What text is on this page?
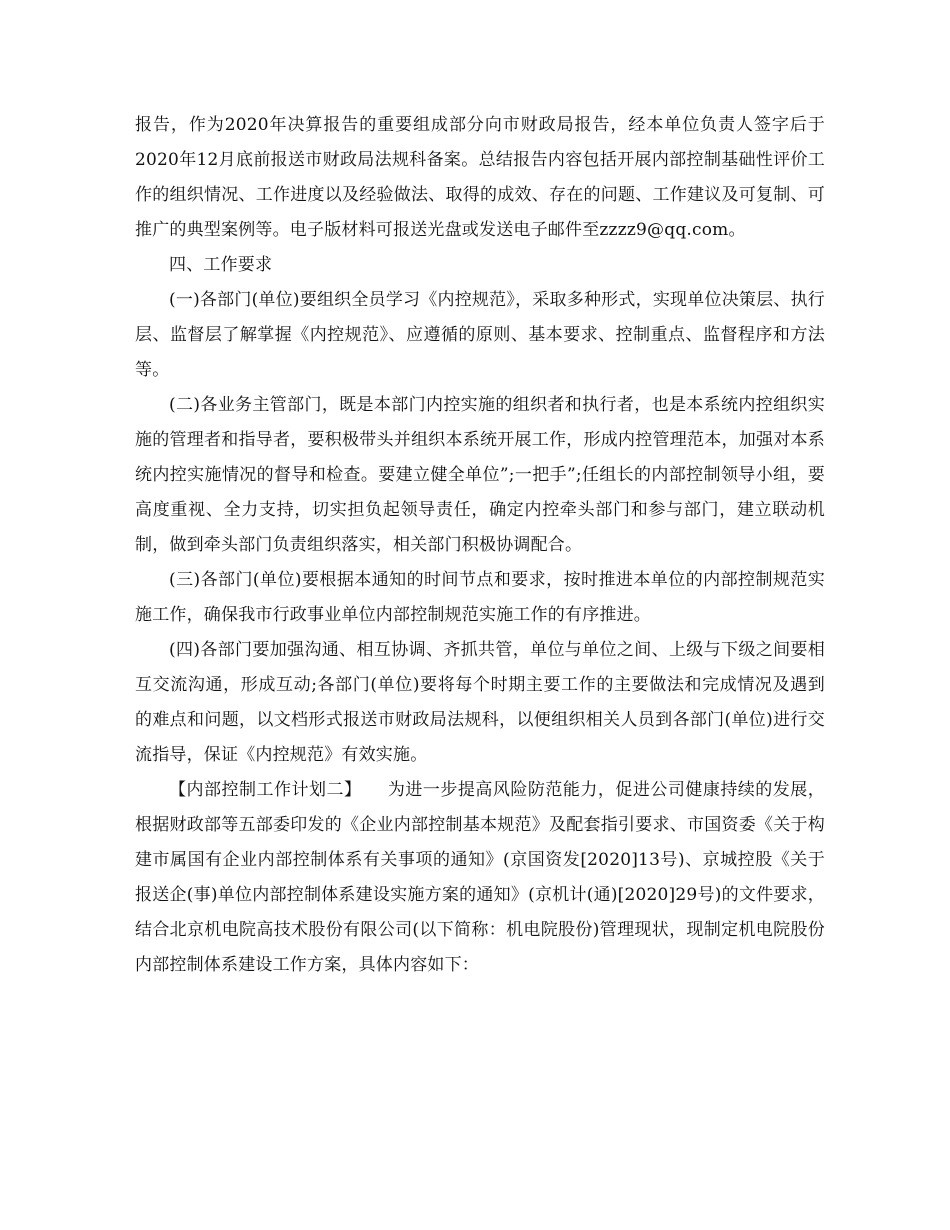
报告，作为2020年决算报告的重要组成部分向市财政局报告，经本单位负责人签字后于2020年12月底前报送市财政局法规科备案。总结报告内容包括开展内部控制基础性评价工作的组织情况、工作进度以及经验做法、取得的成效、存在的问题、工作建议及可复制、可推广的典型案例等。电子版材料可报送光盘或发送电子邮件至zzzz9@qq.com。

四、工作要求

(一)各部门(单位)要组织全员学习《内控规范》，采取多种形式，实现单位决策层、执行层、监督层了解掌握《内控规范》、应遵循的原则、基本要求、控制重点、监督程序和方法等。

(二)各业务主管部门，既是本部门内控实施的组织者和执行者，也是本系统内控组织实施的管理者和指导者，要积极带头并组织本系统开展工作，形成内控管理范本，加强对本系统内控实施情况的督导和检查。要建立健全单位”;一把手”;任组长的内部控制领导小组，要高度重视、全力支持，切实担负起领导责任，确定内控牵头部门和参与部门，建立联动机制，做到牵头部门负责组织落实，相关部门积极协调配合。

(三)各部门(单位)要根据本通知的时间节点和要求，按时推进本单位的内部控制规范实施工作，确保我市行政事业单位内部控制规范实施工作的有序推进。

(四)各部门要加强沟通、相互协调、齐抓共管，单位与单位之间、上级与下级之间要相互交流沟通，形成互动;各部门(单位)要将每个时期主要工作的主要做法和完成情况及遇到的难点和问题，以文档形式报送市财政局法规科，以便组织相关人员到各部门(单位)进行交流指导，保证《内控规范》有效实施。

【内部控制工作计划二】　　为进一步提高风险防范能力，促进公司健康持续的发展，根据财政部等五部委印发的《企业内部控制基本规范》及配套指引要求、市国资委《关于构建市属国有企业内部控制体系有关事项的通知》(京国资发[2020]13号)、京城控股《关于报送企(事)单位内部控制体系建设实施方案的通知》(京机计(通)[2020]29号)的文件要求，结合北京机电院高技术股份有限公司(以下简称：机电院股份)管理现状，现制定机电院股份内部控制体系建设工作方案，具体内容如下：
